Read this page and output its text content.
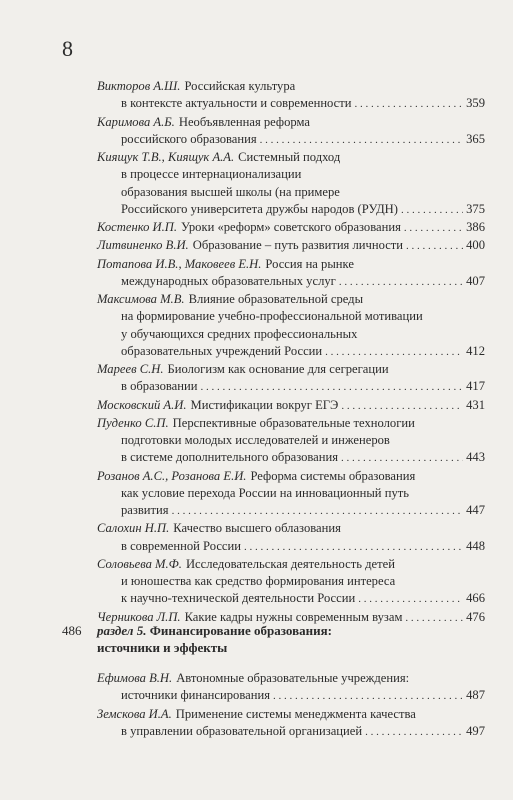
8
Викторов А.Ш. Российская культура
в контексте актуальности и современности . . .	359
Каримова А.Б. Необъявленная реформа
российского образования . . .	365
Киящук Т.В., Киящук А.А. Системный подход
в процессе интернационализации
образования высшей школы (на примере
Российского университета дружбы народов (РУДН) . . .	375
Костенко И.П. Уроки «реформ» советского образования . . .	386
Литвиненко В.И. Образование – путь развития личности . . .	400
Потапова И.В., Маковеев Е.Н. Россия на рынке
международных образовательных услуг . . .	407
Максимова М.В. Влияние образовательной среды
на формирование учебно-профессиональной мотивации
у обучающихся средних профессиональных
образовательных учреждений России . . .	412
Мареев С.Н. Биологизм как основание для сегрегации
в образовании . . .	417
Московский А.И. Мистификации вокруг ЕГЭ . . .	431
Пуденко С.П. Перспективные образовательные технологии
подготовки молодых исследователей и инженеров
в системе дополнительного образования . . .	443
Розанов А.С., Розанова Е.И. Реформа системы образования
как условие перехода России на инновационный путь
развития . . .	447
Салохин Н.П. Качество высшего облазования
в современной России . . .	448
Соловьева М.Ф. Исследовательская деятельность детей
и юношества как средство формирования интереса
к научно-технической деятельности России . . .	466
Черникова Л.П. Какие кадры нужны современным вузам . . .	476
486 раздел 5. Финансирование образования:
источники и эффекты
Ефимова В.Н. Автономные образовательные учреждения:
источники финансирования . . .	487
Земскова И.А. Применение системы менеджмента качества
в управлении образовательной организацией . . .	497
